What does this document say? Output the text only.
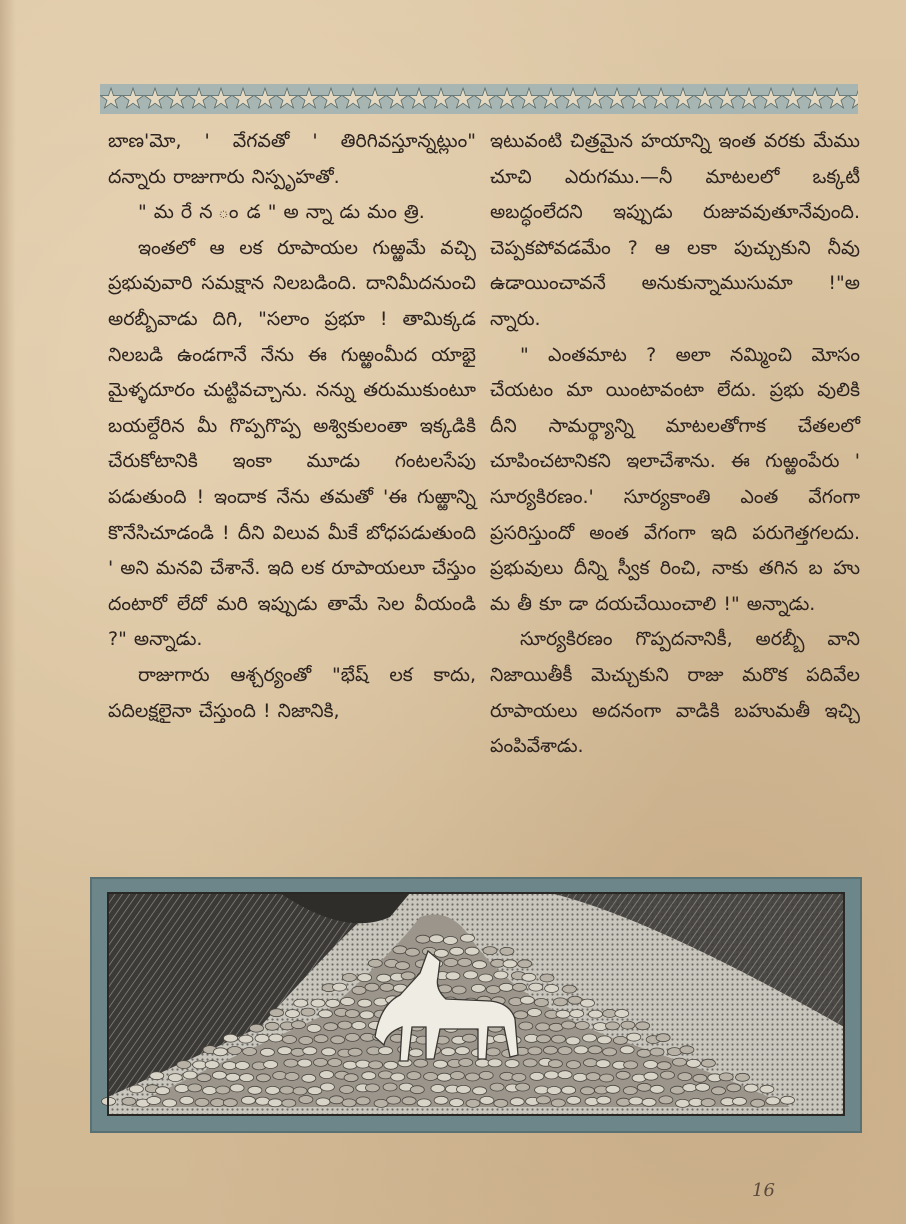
బాణ'మో, ' వేగవతో ' తిరిగివస్తూన్నట్లుం" దన్నారు రాజుగారు నిస్పృహతో.

" మ రే న ం డ " అ న్నా డు మం త్రి.

ఇంతలో ఆ లక రూపాయల గుఱ్ఱమే వచ్చి ప్రభువువారి సమక్షాన నిలబడింది. దానిమీదనుంచి అరబ్బీవాడు దిగి, "సలాం ప్రభూ ! తామిక్కడ నిలబడి ఉండగానే నేను ఈ గుఱ్ఱంమీద యాభై మైళ్ళదూరం చుట్టివచ్చాను. నన్ను తరుముకుంటూ బయల్దేరిన మీ గొప్పగొప్ప అశ్వికులంతా ఇక్కడికి చేరుకోటానికి ఇంకా మూడు గంటలసేపు పడుతుంది ! ఇందాక నేను తమతో 'ఈ గుఱ్ఱాన్ని కొనేసిచూడండి ! దీని విలువ మీకే బోధపడుతుంది ' అని మనవి చేశానే. ఇది లక రూపాయలూ చేస్తుం దంటారో లేదో మరి ఇప్పుడు తామే సెల వీయండి ?" అన్నాడు.

రాజుగారు ఆశ్చర్యంతో "భేష్ లక కాదు, పదిలక్షలైనా చేస్తుంది ! నిజానికి,

ఇటువంటి చిత్రమైన హయాన్ని ఇంత వరకు మేము చూచి ఎరుగము.—నీ మాటలలో ఒక్కటీ అబద్ధంలేదని ఇప్పుడు రుజువవుతూనేవుంది. చెప్పకపోవడమేం ? ఆ లకా పుచ్చుకుని నీవు ఉడాయించావనే అనుకున్నాముసుమా !"అ న్నారు.

" ఎంతమాట ? అలా నమ్మించి మోసం చేయటం మా యింటావంటా లేదు. ప్రభు వులికి దీని సామర్థ్యాన్ని మాటలతోగాక చేతలలో చూపించటానికని ఇలాచేశాను. ఈ గుఱ్ఱంపేరు ' సూర్యకిరణం.' సూర్యకాంతి ఎంత వేగంగా ప్రసరిస్తుందో అంత వేగంగా ఇది పరుగెత్తగలదు. ప్రభువులు దీన్ని స్వీక రించి, నాకు తగిన బ హు మ తీ కూ డా దయచేయించాలి !" అన్నాడు.

సూర్యకిరణం గొప్పదనానికీ, అరబ్బీ వాని నిజాయితీకీ మెచ్చుకుని రాజు మరొక పదివేల రూపాయలు అదనంగా వాడికి బహుమతీ ఇచ్చి పంపివేశాడు.

16
